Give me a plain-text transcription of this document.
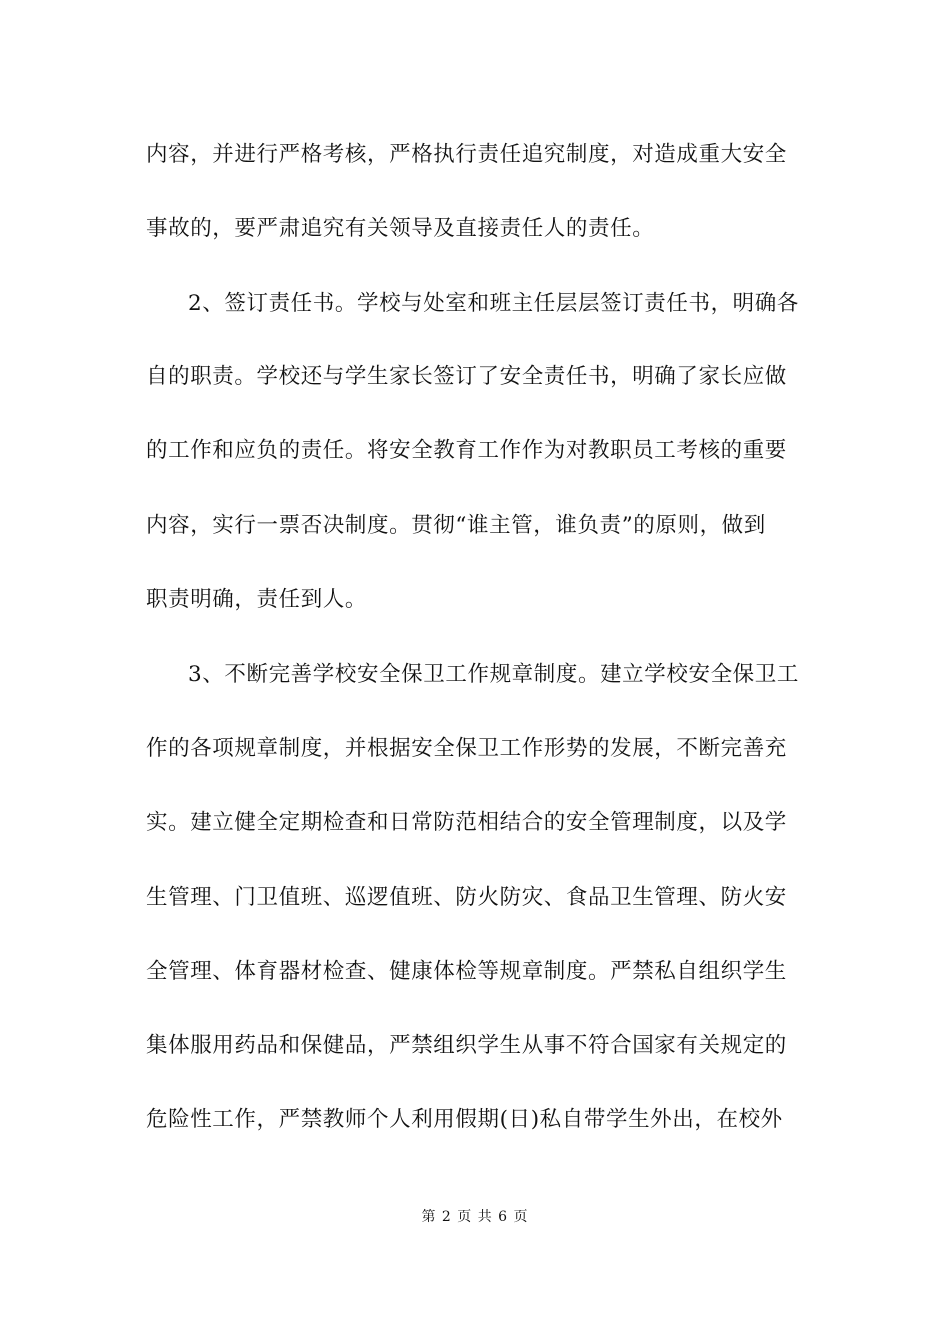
内容，并进行严格考核，严格执行责任追究制度，对造成重大安全
事故的，要严肃追究有关领导及直接责任人的责任。
2、签订责任书。学校与处室和班主任层层签订责任书，明确各
自的职责。学校还与学生家长签订了安全责任书，明确了家长应做
的工作和应负的责任。将安全教育工作作为对教职员工考核的重要
内容，实行一票否决制度。贯彻“谁主管，谁负责”的原则，做到
职责明确，责任到人。
3、不断完善学校安全保卫工作规章制度。建立学校安全保卫工
作的各项规章制度，并根据安全保卫工作形势的发展，不断完善充
实。建立健全定期检查和日常防范相结合的安全管理制度，以及学
生管理、门卫值班、巡逻值班、防火防灾、食品卫生管理、防火安
全管理、体育器材检查、健康体检等规章制度。严禁私自组织学生
集体服用药品和保健品，严禁组织学生从事不符合国家有关规定的
危险性工作，严禁教师个人利用假期(日)私自带学生外出，在校外
第 2 页 共 6 页
